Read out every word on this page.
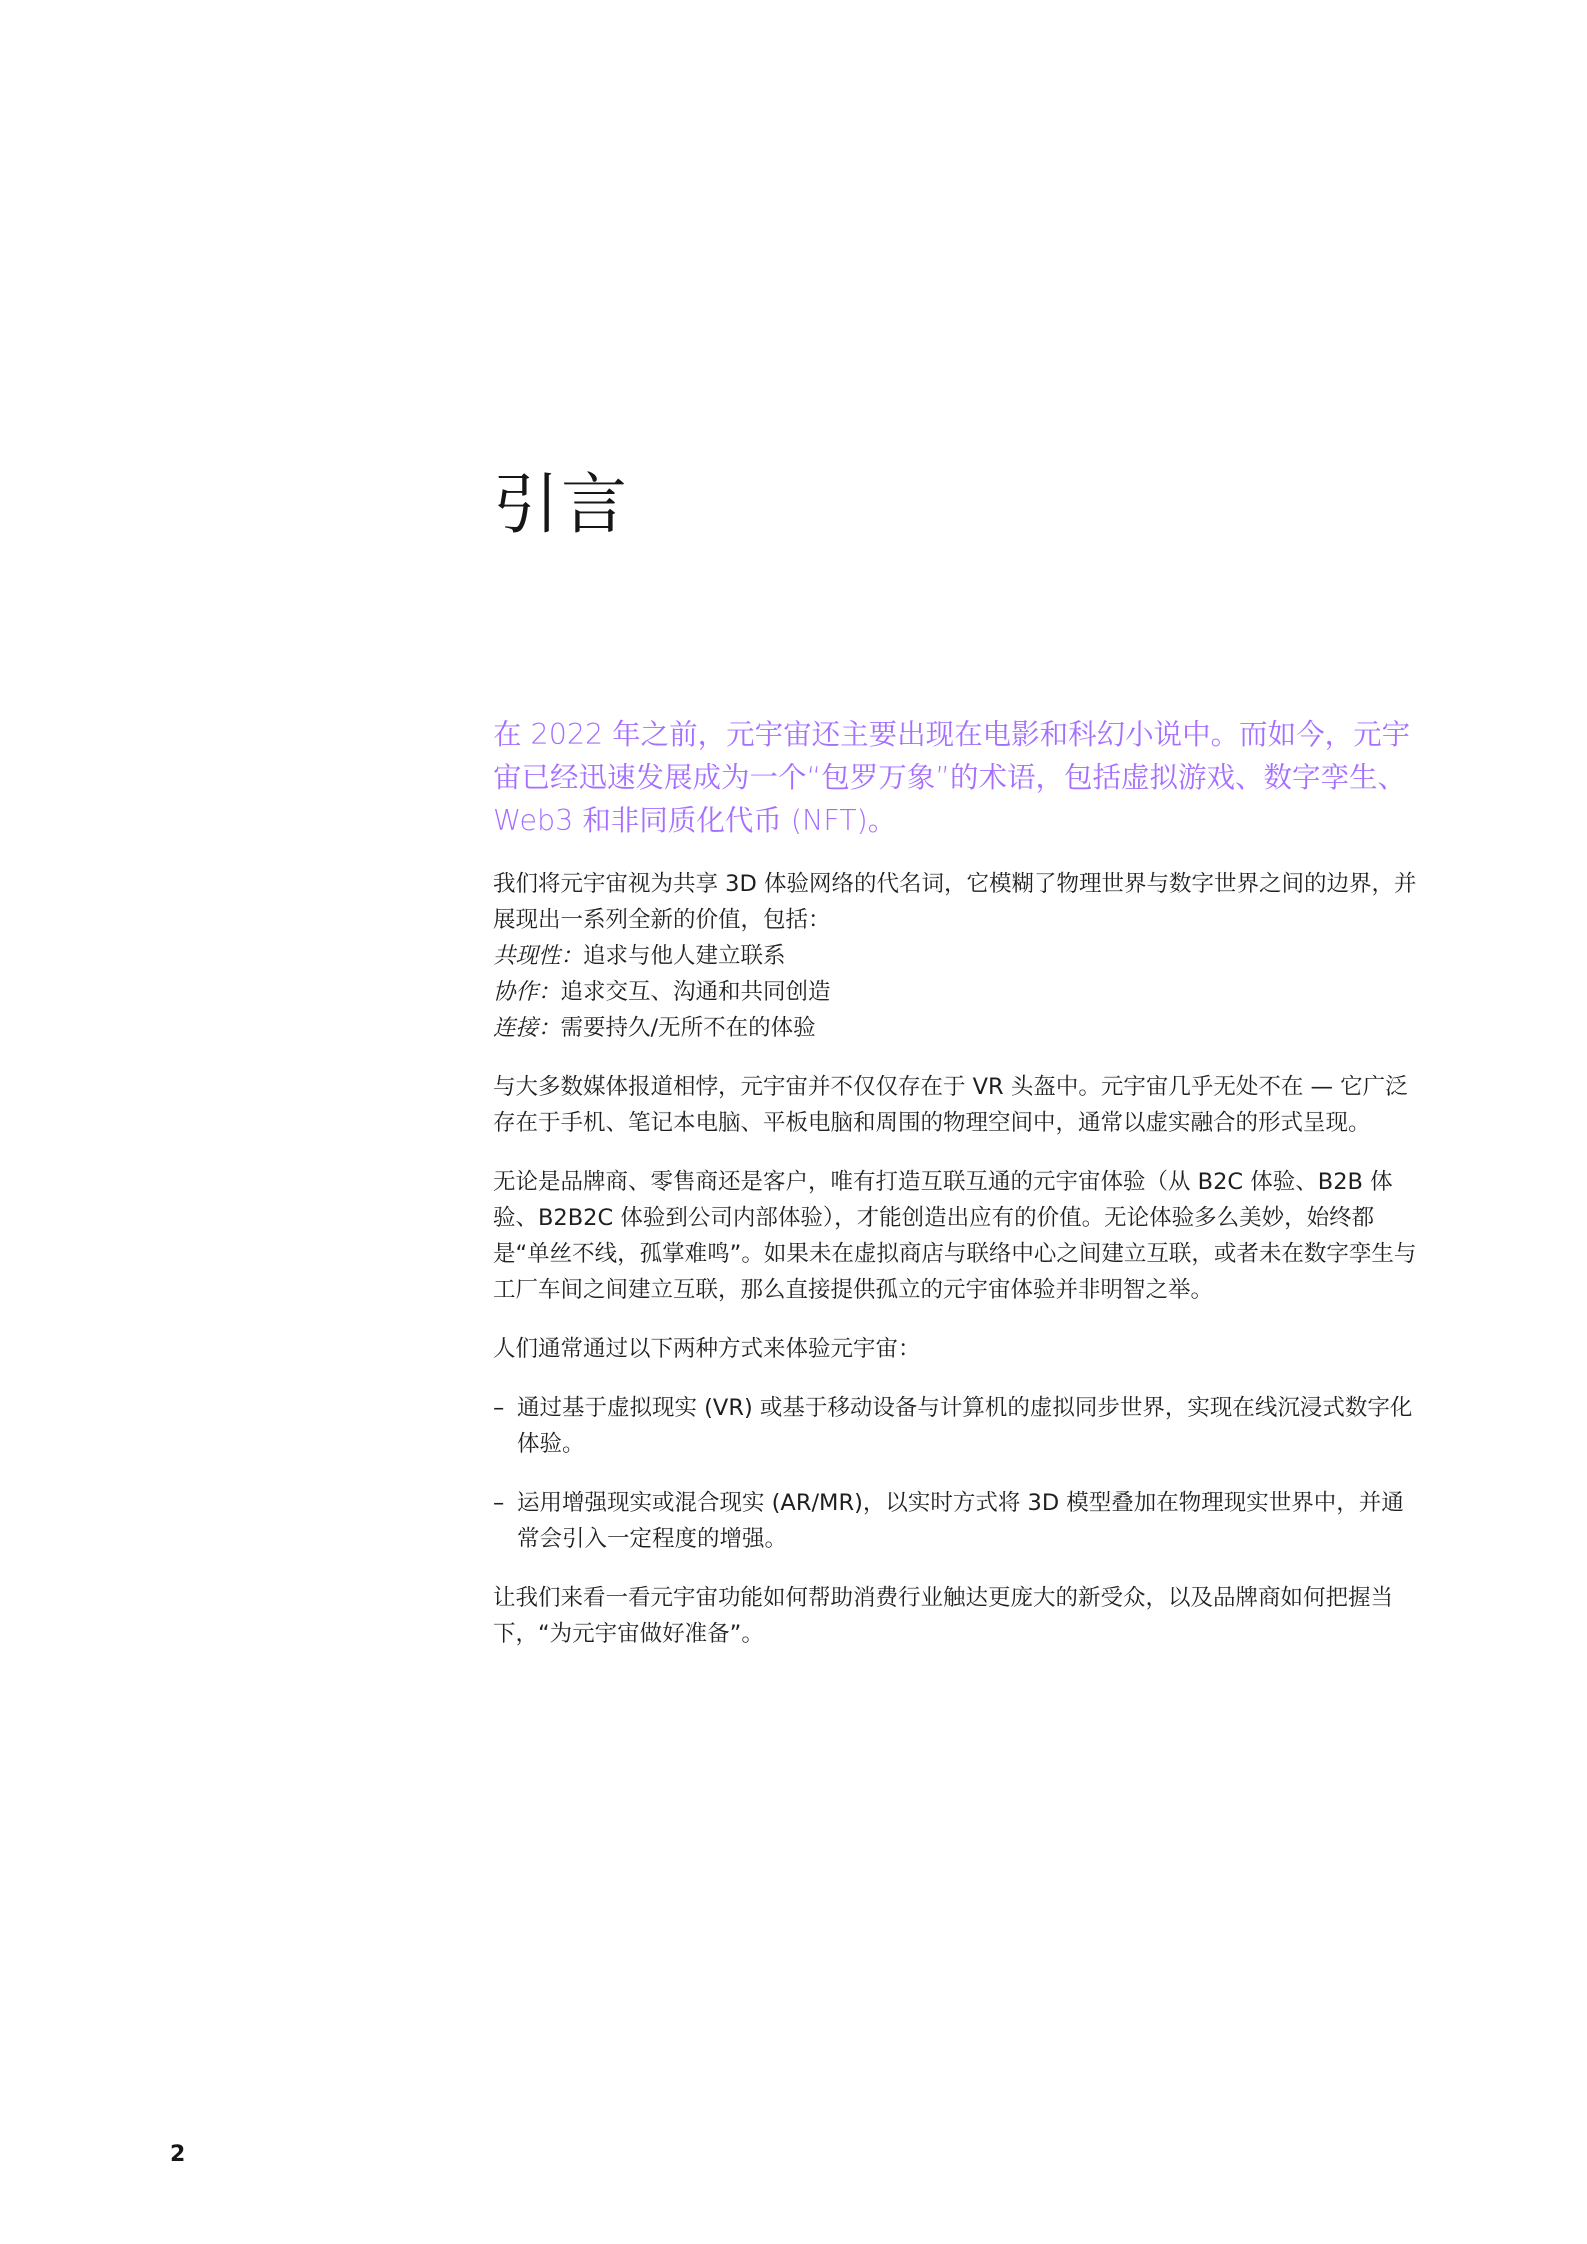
引言

在 2022 年之前，元宇宙还主要出现在电影和科幻小说中。而如今，元宇宙已经迅速发展成为一个“包罗万象”的术语，包括虚拟游戏、数字孪生、Web3 和非同质化代币 (NFT)。

我们将元宇宙视为共享 3D 体验网络的代名词，它模糊了物理世界与数字世界之间的边界，并展现出一系列全新的价值，包括：

共现性：追求与他人建立联系

协作：追求交互、沟通和共同创造

连接：需要持久/无所不在的体验

与大多数媒体报道相悖，元宇宙并不仅仅存在于 VR 头盔中。元宇宙几乎无处不在 — 它广泛存在于手机、笔记本电脑、平板电脑和周围的物理空间中，通常以虚实融合的形式呈现。

无论是品牌商、零售商还是客户，唯有打造互联互通的元宇宙体验（从 B2C 体验、B2B 体验、B2B2C 体验到公司内部体验），才能创造出应有的价值。无论体验多么美妙，始终都是“单丝不线，孤掌难鸣”。如果未在虚拟商店与联络中心之间建立互联，或者未在数字孪生与工厂车间之间建立互联，那么直接提供孤立的元宇宙体验并非明智之举。

人们通常通过以下两种方式来体验元宇宙：

– 通过基于虚拟现实 (VR) 或基于移动设备与计算机的虚拟同步世界，实现在线沉浸式数字化体验。
– 运用增强现实或混合现实 (AR/MR)，以实时方式将 3D 模型叠加在物理现实世界中，并通常会引入一定程度的增强。

让我们来看一看元宇宙功能如何帮助消费行业触达更庞大的新受众，以及品牌商如何把握当下，“为元宇宙做好准备”。

2
